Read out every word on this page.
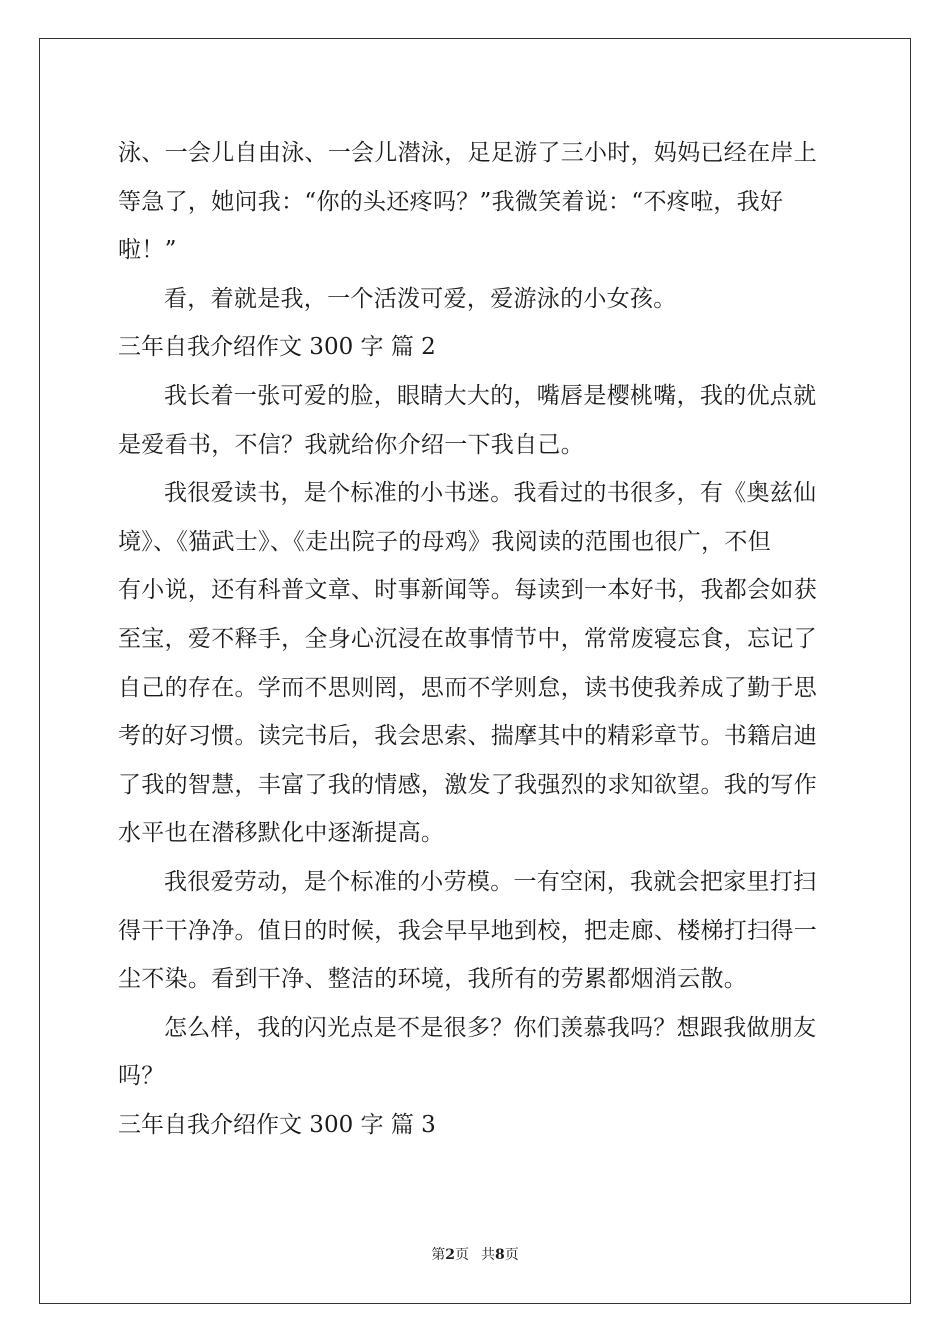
泳、一会儿自由泳、一会儿潜泳，足足游了三小时，妈妈已经在岸上
等急了，她问我：“你的头还疼吗？”我微笑着说：“不疼啦，我好
啦！”
看，着就是我，一个活泼可爱，爱游泳的小女孩。
三年自我介绍作文 300 字 篇 2
我长着一张可爱的脸，眼睛大大的，嘴唇是樱桃嘴，我的优点就
是爱看书，不信？我就给你介绍一下我自己。
我很爱读书，是个标准的小书迷。我看过的书很多，有《奥兹仙
境》、《猫武士》、《走出院子的母鸡》我阅读的范围也很广，不但
有小说，还有科普文章、时事新闻等。每读到一本好书，我都会如获
至宝，爱不释手，全身心沉浸在故事情节中，常常废寝忘食，忘记了
自己的存在。学而不思则罔，思而不学则怠，读书使我养成了勤于思
考的好习惯。读完书后，我会思索、揣摩其中的精彩章节。书籍启迪
了我的智慧，丰富了我的情感，激发了我强烈的求知欲望。我的写作
水平也在潜移默化中逐渐提高。
我很爱劳动，是个标准的小劳模。一有空闲，我就会把家里打扫
得干干净净。值日的时候，我会早早地到校，把走廊、楼梯打扫得一
尘不染。看到干净、整洁的环境，我所有的劳累都烟消云散。
怎么样，我的闪光点是不是很多？你们羡慕我吗？想跟我做朋友
吗？
三年自我介绍作文 300 字 篇 3
第2页 共8页
